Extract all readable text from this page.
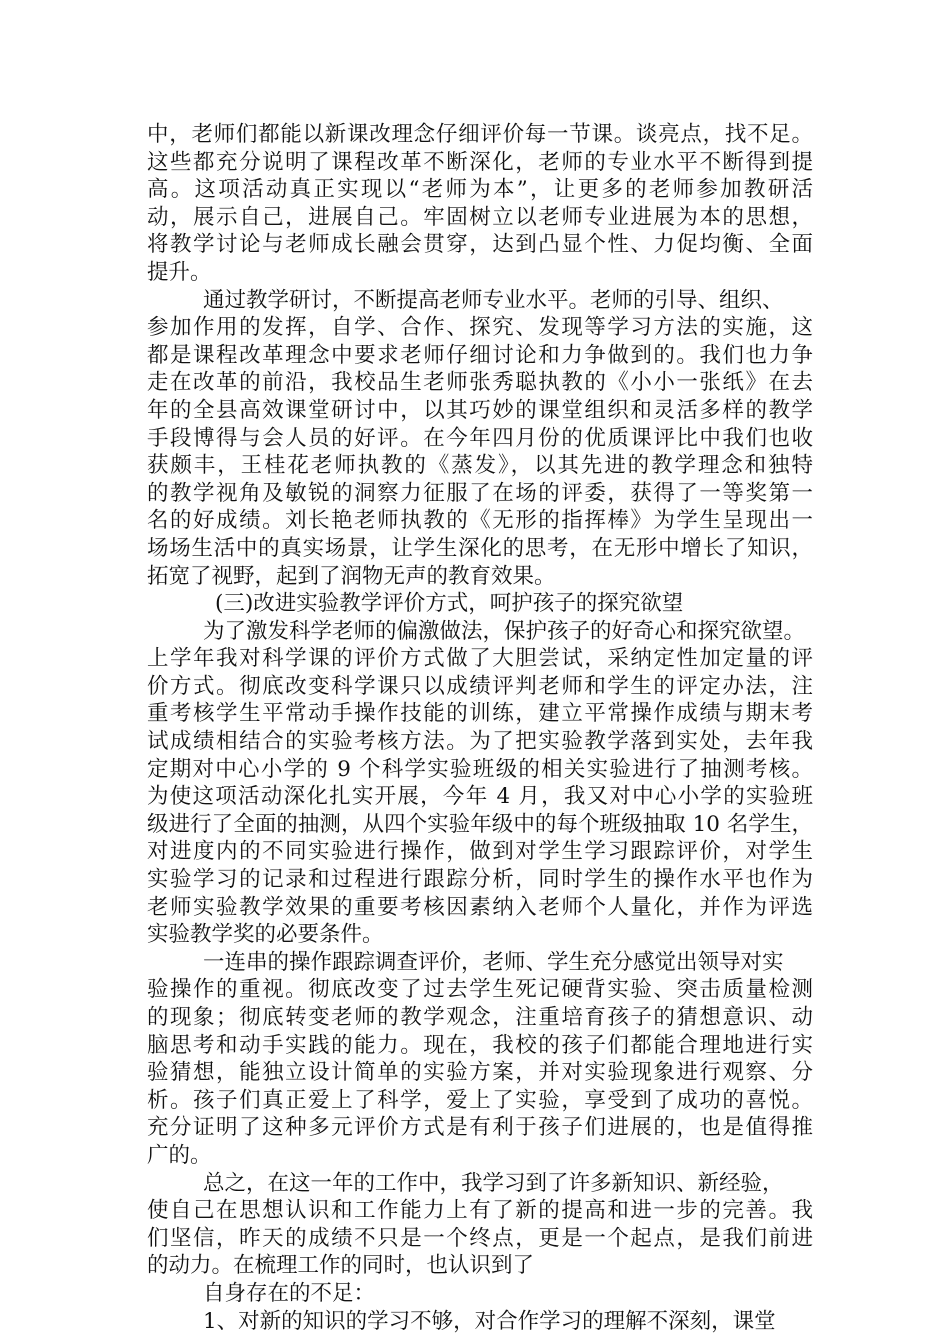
中，老师们都能以新课改理念仔细评价每一节课。谈亮点，找不足。
这些都充分说明了课程改革不断深化，老师的专业水平不断得到提
高。这项活动真正实现以“老师为本”，让更多的老师参加教研活
动，展示自己，进展自己。牢固树立以老师专业进展为本的思想，
将教学讨论与老师成长融会贯穿，达到凸显个性、力促均衡、全面
提升。
通过教学研讨，不断提高老师专业水平。老师的引导、组织、
参加作用的发挥，自学、合作、探究、发现等学习方法的实施，这
都是课程改革理念中要求老师仔细讨论和力争做到的。我们也力争
走在改革的前沿，我校品生老师张秀聪执教的《小小一张纸》在去
年的全县高效课堂研讨中，以其巧妙的课堂组织和灵活多样的教学
手段博得与会人员的好评。在今年四月份的优质课评比中我们也收
获颇丰，王桂花老师执教的《蒸发》，以其先进的教学理念和独特
的教学视角及敏锐的洞察力征服了在场的评委，获得了一等奖第一
名的好成绩。刘长艳老师执教的《无形的指挥棒》为学生呈现出一
场场生活中的真实场景，让学生深化的思考，在无形中增长了知识，
拓宽了视野，起到了润物无声的教育效果。
(三)改进实验教学评价方式，呵护孩子的探究欲望
为了激发科学老师的偏激做法，保护孩子的好奇心和探究欲望。
上学年我对科学课的评价方式做了大胆尝试，采纳定性加定量的评
价方式。彻底改变科学课只以成绩评判老师和学生的评定办法，注
重考核学生平常动手操作技能的训练，建立平常操作成绩与期末考
试成绩相结合的实验考核方法。为了把实验教学落到实处，去年我
定期对中心小学的 9 个科学实验班级的相关实验进行了抽测考核。
为使这项活动深化扎实开展，今年 4 月，我又对中心小学的实验班
级进行了全面的抽测，从四个实验年级中的每个班级抽取 10 名学生，
对进度内的不同实验进行操作，做到对学生学习跟踪评价，对学生
实验学习的记录和过程进行跟踪分析，同时学生的操作水平也作为
老师实验教学效果的重要考核因素纳入老师个人量化，并作为评选
实验教学奖的必要条件。
一连串的操作跟踪调查评价，老师、学生充分感觉出领导对实
验操作的重视。彻底改变了过去学生死记硬背实验、突击质量检测
的现象；彻底转变老师的教学观念，注重培育孩子的猜想意识、动
脑思考和动手实践的能力。现在，我校的孩子们都能合理地进行实
验猜想，能独立设计简单的实验方案，并对实验现象进行观察、分
析。孩子们真正爱上了科学，爱上了实验，享受到了成功的喜悦。
充分证明了这种多元评价方式是有利于孩子们进展的，也是值得推
广的。
总之，在这一年的工作中，我学习到了许多新知识、新经验，
使自己在思想认识和工作能力上有了新的提高和进一步的完善。我
们坚信，昨天的成绩不只是一个终点，更是一个起点，是我们前进
的动力。在梳理工作的同时，也认识到了
自身存在的不足：
1、对新的知识的学习不够，对合作学习的理解不深刻，课堂
